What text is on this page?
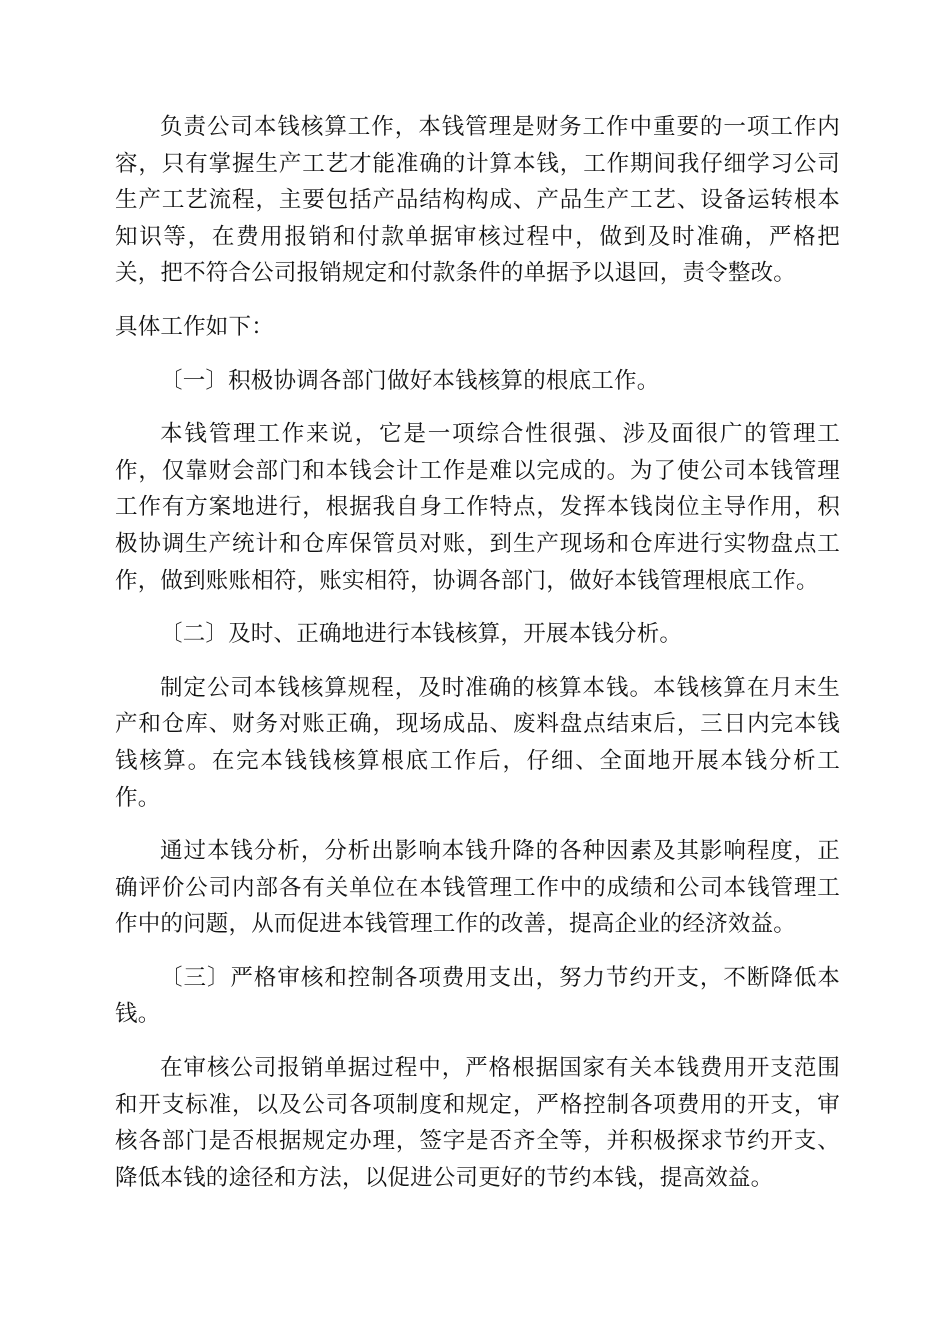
负责公司本钱核算工作，本钱管理是财务工作中重要的一项工作内容，只有掌握生产工艺才能准确的计算本钱，工作期间我仔细学习公司生产工艺流程，主要包括产品结构构成、产品生产工艺、设备运转根本知识等，在费用报销和付款单据审核过程中，做到及时准确，严格把关，把不符合公司报销规定和付款条件的单据予以退回，责令整改。

具体工作如下：

〔一〕积极协调各部门做好本钱核算的根底工作。

本钱管理工作来说，它是一项综合性很强、涉及面很广的管理工作，仅靠财会部门和本钱会计工作是难以完成的。为了使公司本钱管理工作有方案地进行，根据我自身工作特点，发挥本钱岗位主导作用，积极协调生产统计和仓库保管员对账，到生产现场和仓库进行实物盘点工作，做到账账相符，账实相符，协调各部门，做好本钱管理根底工作。

〔二〕及时、正确地进行本钱核算，开展本钱分析。

制定公司本钱核算规程，及时准确的核算本钱。本钱核算在月末生产和仓库、财务对账正确，现场成品、废料盘点结束后，三日内完本钱钱核算。在完本钱钱核算根底工作后，仔细、全面地开展本钱分析工作。

通过本钱分析，分析出影响本钱升降的各种因素及其影响程度，正确评价公司内部各有关单位在本钱管理工作中的成绩和公司本钱管理工作中的问题，从而促进本钱管理工作的改善，提高企业的经济效益。

〔三〕严格审核和控制各项费用支出，努力节约开支，不断降低本钱。

在审核公司报销单据过程中，严格根据国家有关本钱费用开支范围和开支标准，以及公司各项制度和规定，严格控制各项费用的开支，审核各部门是否根据规定办理，签字是否齐全等，并积极探求节约开支、降低本钱的途径和方法，以促进公司更好的节约本钱，提高效益。
